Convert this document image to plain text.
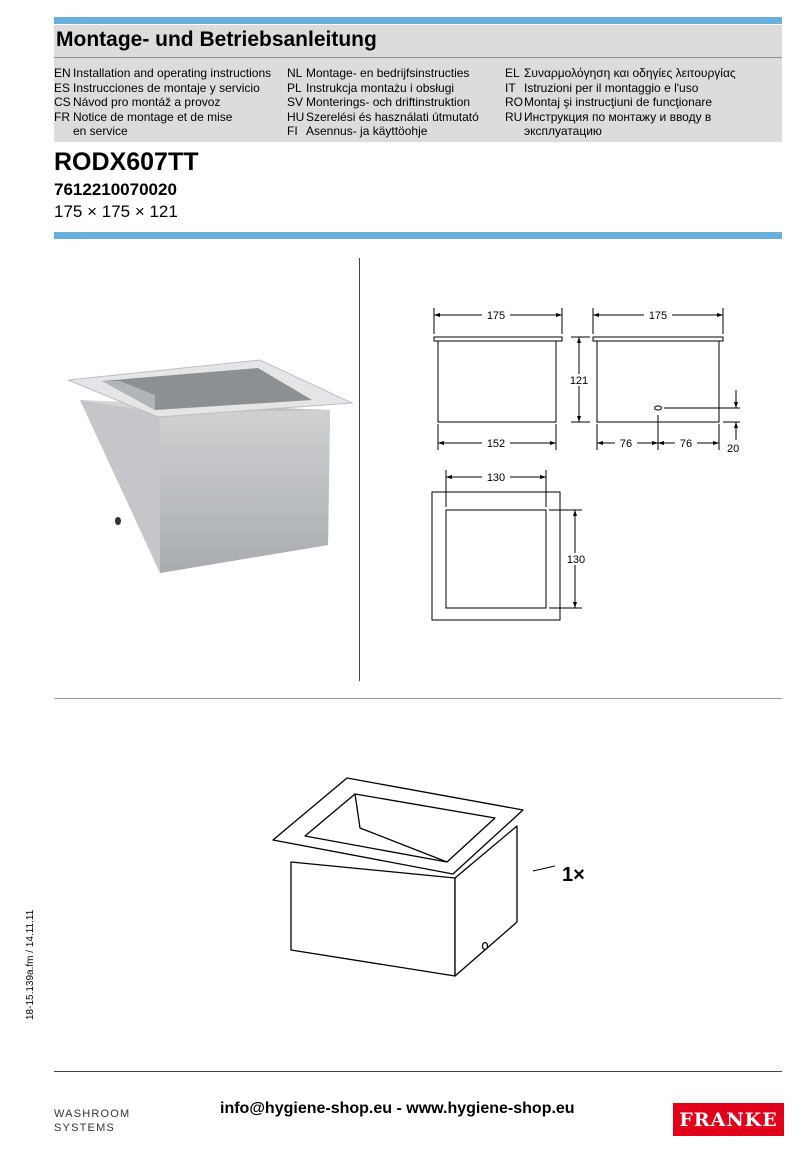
Montage- und Betriebsanleitung
EN Installation and operating instructions
ES Instrucciones de montaje y servicio
CS Návod pro montáž a provoz
FR Notice de montage et de mise
en service
NL Montage- en bedrijfsinstructies
PL Instrukcja montażu i obsługi
SV Monterings- och driftinstruktion
HU Szerelési és használati útmutató
FI Asennus- ja käyttöohje
EL Συναρμολόγηση και οδηγίες λειτουργίας
IT Istruzioni per il montaggio e l'uso
RO Montaj şi instrucţiuni de funcţionare
RU Инструкция по монтажу и вводу в
эксплуатацию
RODX607TT
7612210070020
175 × 175 × 121
175
152
175
121
76	76	20
130
130
1×
18-15.139a.fm / 14.11.11
WASHROOM
SYSTEMS
info@hygiene-shop.eu - www.hygiene-shop.eu	FRANKE
